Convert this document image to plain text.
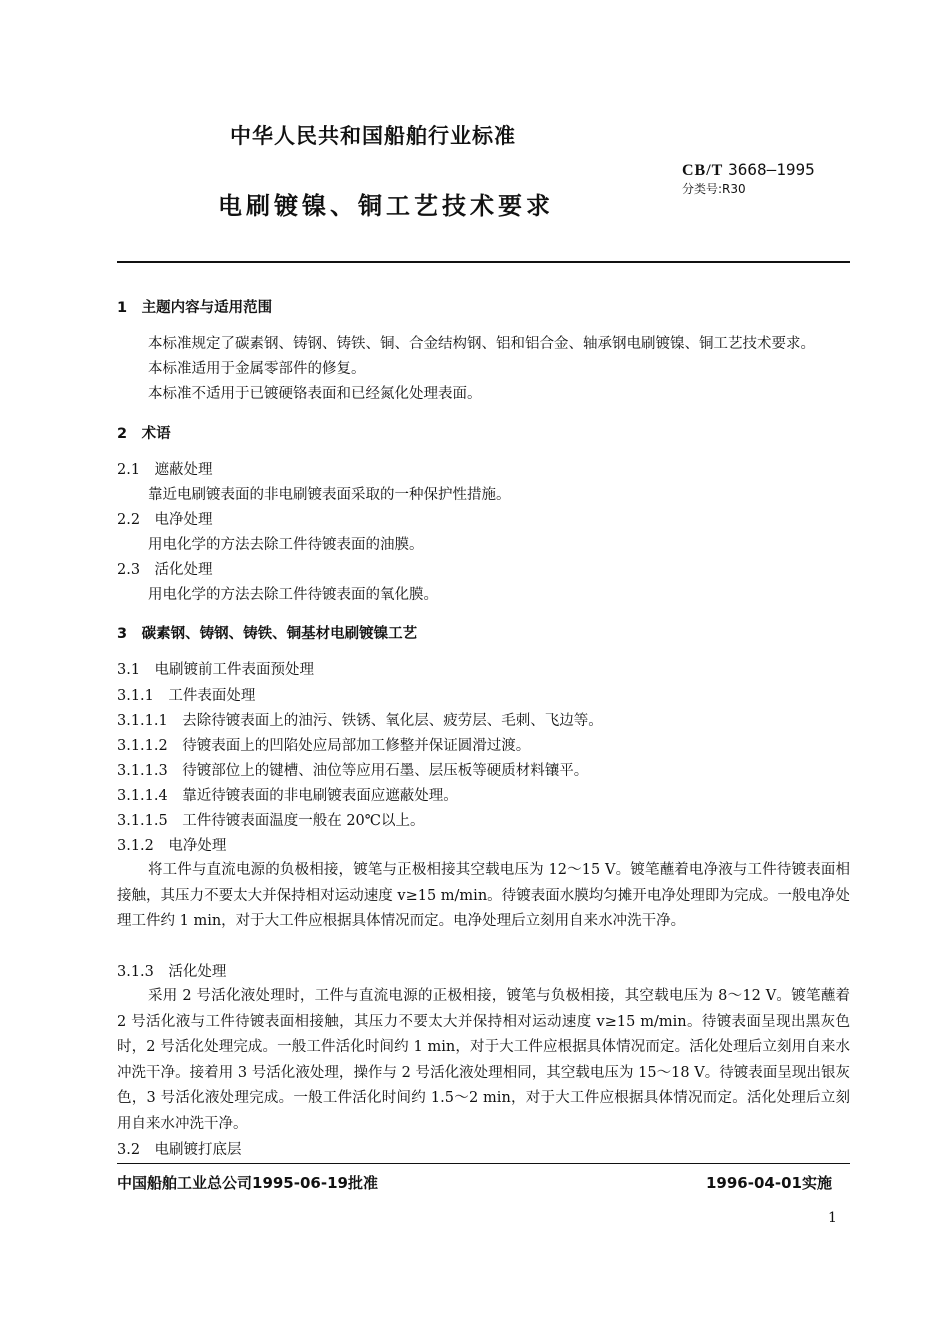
中华人民共和国船舶行业标准
CB/T 3668—1995
分类号:R30
电刷镀镍、铜工艺技术要求
1　主题内容与适用范围
本标准规定了碳素钢、铸钢、铸铁、铜、合金结构钢、铝和铝合金、轴承钢电刷镀镍、铜工艺技术要求。
本标准适用于金属零部件的修复。
本标准不适用于已镀硬铬表面和已经氮化处理表面。
2　术语
2.1　遮蔽处理
靠近电刷镀表面的非电刷镀表面采取的一种保护性措施。
2.2　电净处理
用电化学的方法去除工件待镀表面的油膜。
2.3　活化处理
用电化学的方法去除工件待镀表面的氧化膜。
3　碳素钢、铸钢、铸铁、铜基材电刷镀镍工艺
3.1　电刷镀前工件表面预处理
3.1.1　工件表面处理
3.1.1.1　去除待镀表面上的油污、铁锈、氧化层、疲劳层、毛刺、飞边等。
3.1.1.2　待镀表面上的凹陷处应局部加工修整并保证圆滑过渡。
3.1.1.3　待镀部位上的键槽、油位等应用石墨、层压板等硬质材料镶平。
3.1.1.4　靠近待镀表面的非电刷镀表面应遮蔽处理。
3.1.1.5　工件待镀表面温度一般在 20℃以上。
3.1.2　电净处理
将工件与直流电源的负极相接，镀笔与正极相接其空载电压为 12～15 V。镀笔蘸着电净液与工件待镀表面相接触，其压力不要太大并保持相对运动速度 v≥15 m/min。待镀表面水膜均匀摊开电净处理即为完成。一般电净处理工件约 1 min，对于大工件应根据具体情况而定。电净处理后立刻用自来水冲洗干净。
3.1.3　活化处理
采用 2 号活化液处理时，工件与直流电源的正极相接，镀笔与负极相接，其空载电压为 8～12 V。镀笔蘸着 2 号活化液与工件待镀表面相接触，其压力不要太大并保持相对运动速度 v≥15 m/min。待镀表面呈现出黑灰色时，2 号活化处理完成。一般工件活化时间约 1 min，对于大工件应根据具体情况而定。活化处理后立刻用自来水冲洗干净。接着用 3 号活化液处理，操作与 2 号活化液处理相同，其空载电压为 15～18 V。待镀表面呈现出银灰色，3 号活化液处理完成。一般工件活化时间约 1.5～2 min，对于大工件应根据具体情况而定。活化处理后立刻用自来水冲洗干净。
3.2　电刷镀打底层
中国船舶工业总公司1995-06-19批准	1996-04-01实施
1
